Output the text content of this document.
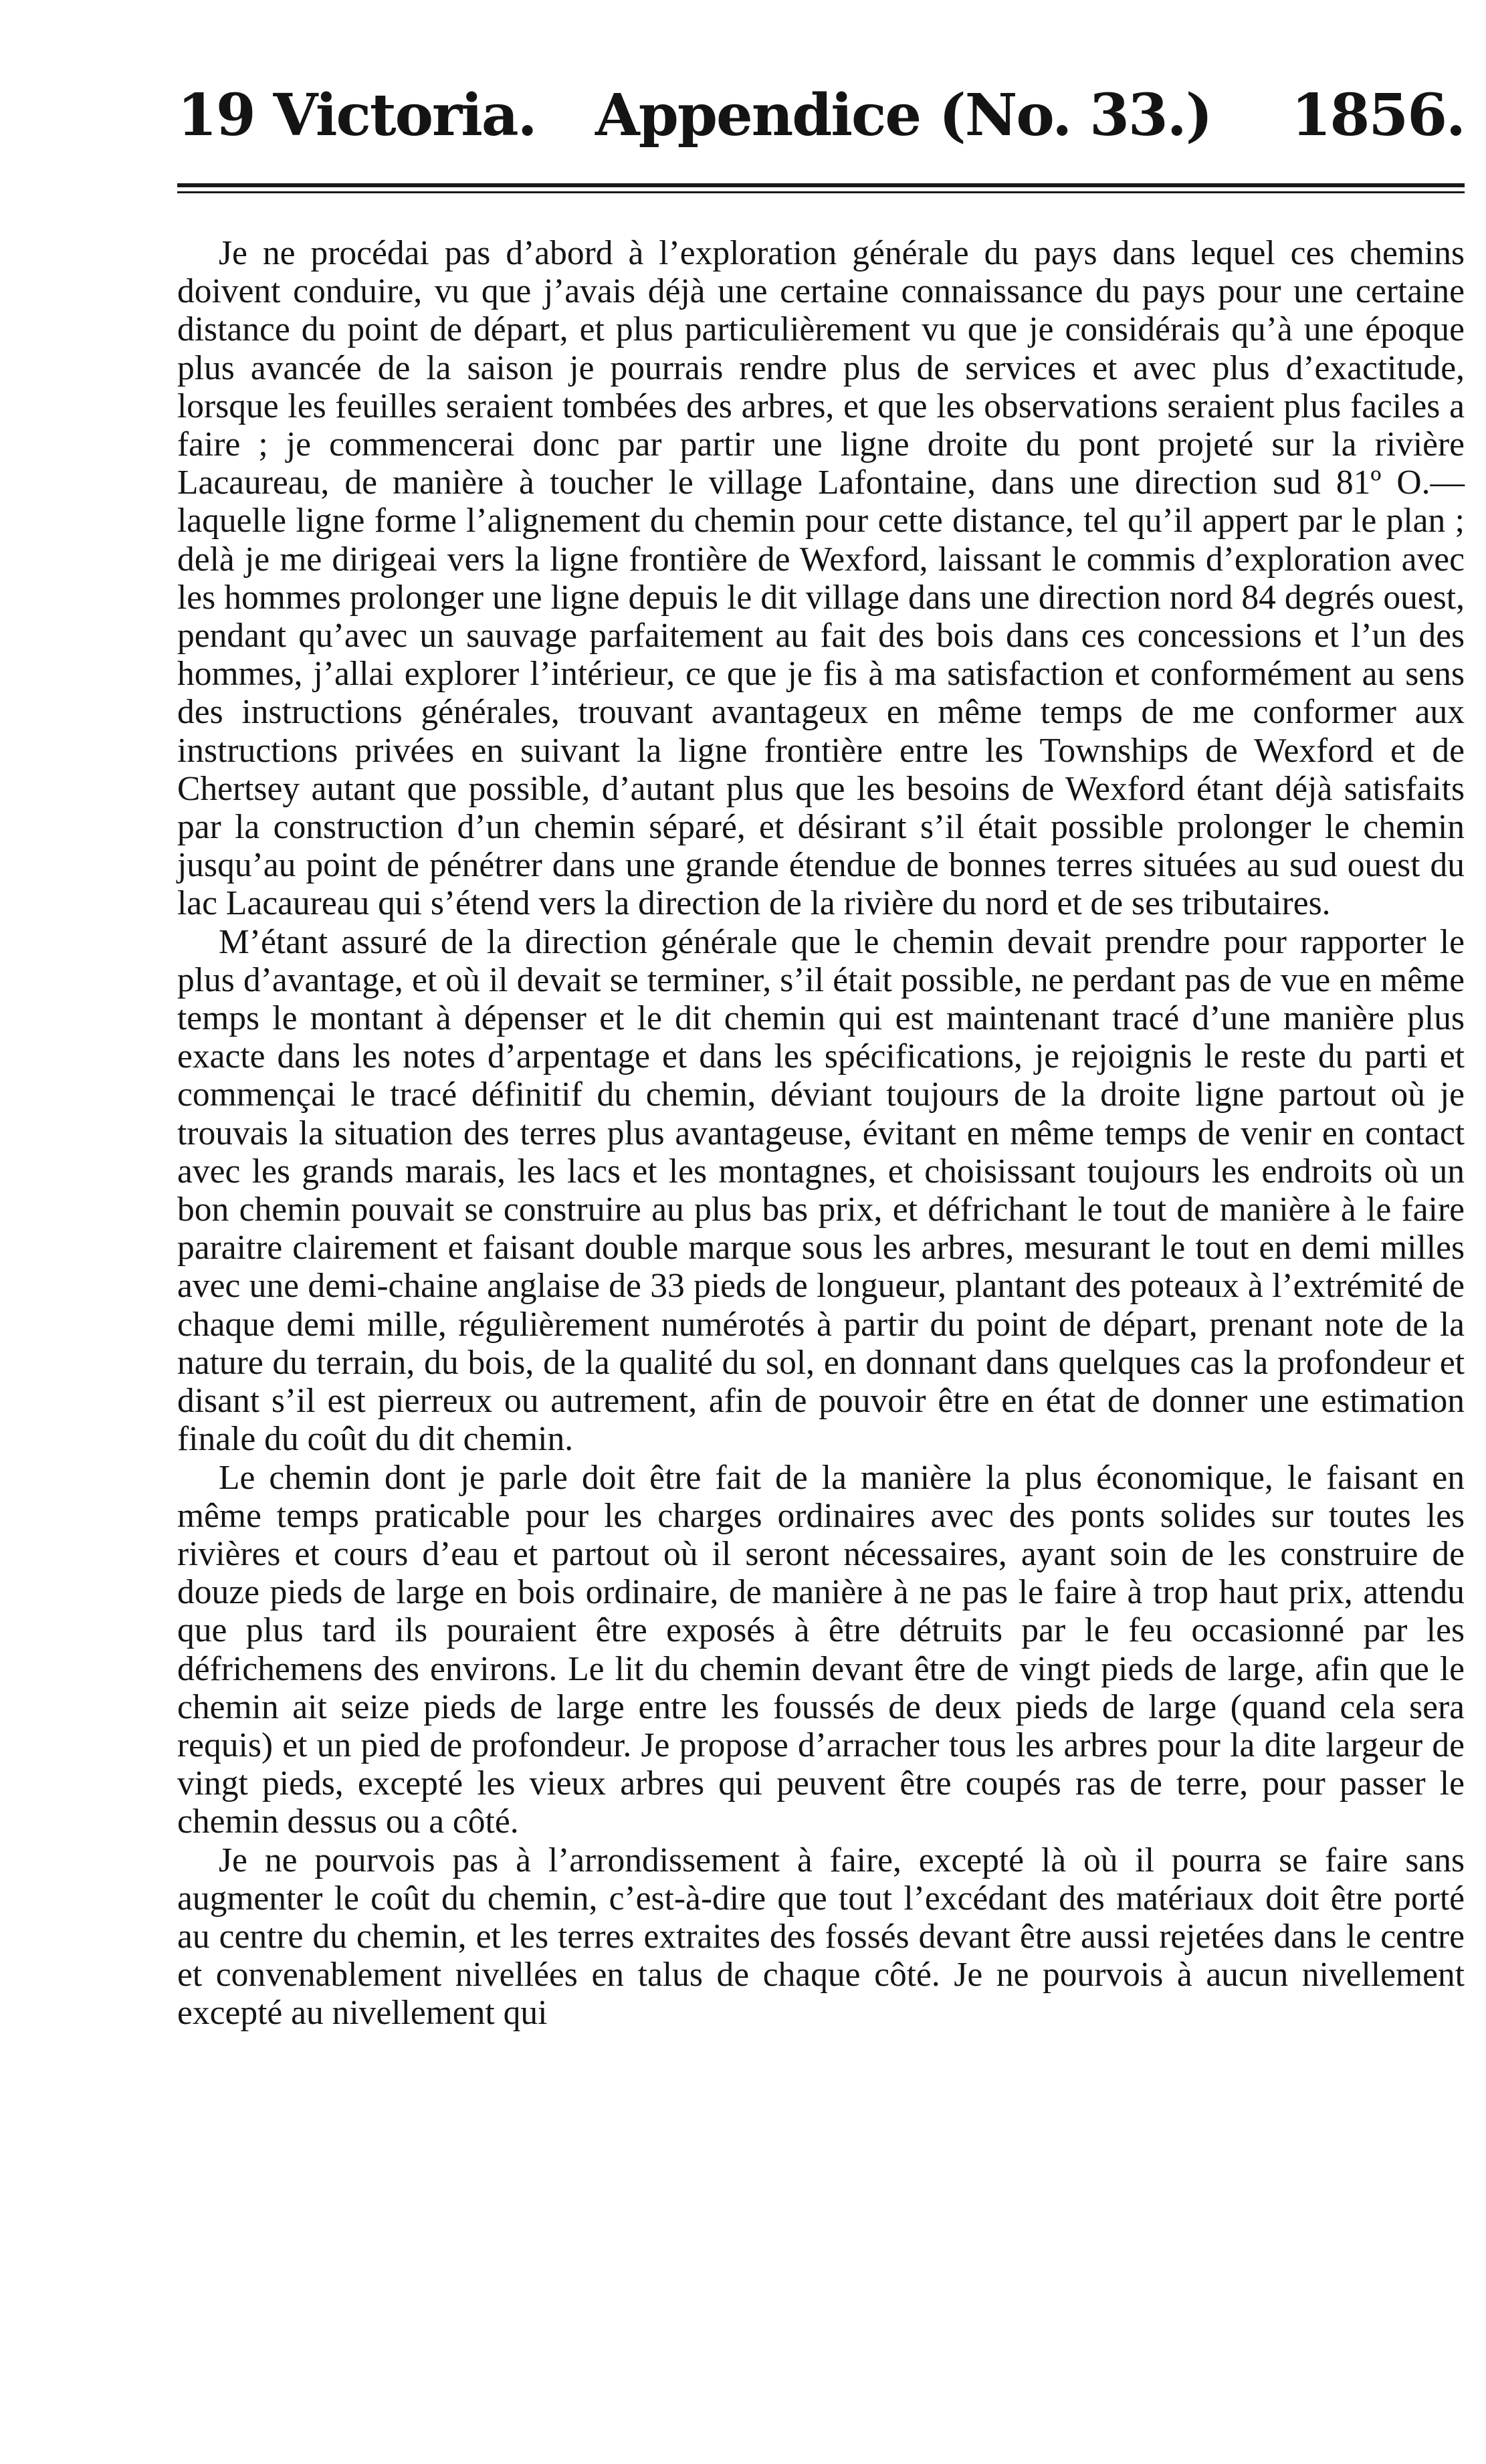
19 Victoria. Appendice (No. 33.) 1856.

Je ne procédai pas d’abord à l’exploration générale du pays dans lequel ces chemins doivent conduire, vu que j’avais déjà une certaine connaissance du pays pour une certaine distance du point de départ, et plus particulièrement vu que je considérais qu’à une époque plus avancée de la saison je pourrais rendre plus de services et avec plus d’exactitude, lorsque les feuilles seraient tombées des arbres, et que les observations seraient plus faciles a faire ; je commencerai donc par partir une ligne droite du pont projeté sur la rivière Lacaureau, de manière à toucher le village Lafontaine, dans une direction sud 81º O.—laquelle ligne forme l’alignement du chemin pour cette distance, tel qu’il appert par le plan ; delà je me dirigeai vers la ligne frontière de Wexford, laissant le commis d’exploration avec les hommes prolonger une ligne depuis le dit village dans une direction nord 84 degrés ouest, pendant qu’avec un sauvage parfaitement au fait des bois dans ces concessions et l’un des hommes, j’allai explorer l’intérieur, ce que je fis à ma satisfaction et conformément au sens des instructions générales, trouvant avantageux en même temps de me conformer aux instructions privées en suivant la ligne frontière entre les Townships de Wexford et de Chertsey autant que possible, d’autant plus que les besoins de Wexford étant déjà satisfaits par la construction d’un chemin séparé, et désirant s’il était possible prolonger le chemin jusqu’au point de pénétrer dans une grande étendue de bonnes terres situées au sud ouest du lac Lacaureau qui s’étend vers la direction de la rivière du nord et de ses tributaires.

M’étant assuré de la direction générale que le chemin devait prendre pour rapporter le plus d’avantage, et où il devait se terminer, s’il était possible, ne perdant pas de vue en même temps le montant à dépenser et le dit chemin qui est maintenant tracé d’une manière plus exacte dans les notes d’arpentage et dans les spécifications, je rejoignis le reste du parti et commençai le tracé définitif du chemin, déviant toujours de la droite ligne partout où je trouvais la situation des terres plus avantageuse, évitant en même temps de venir en contact avec les grands marais, les lacs et les montagnes, et choisissant toujours les endroits où un bon chemin pouvait se construire au plus bas prix, et défrichant le tout de manière à le faire paraitre clairement et faisant double marque sous les arbres, mesurant le tout en demi milles avec une demi-chaine anglaise de 33 pieds de longueur, plantant des poteaux à l’extrémité de chaque demi mille, régulièrement numérotés à partir du point de départ, prenant note de la nature du terrain, du bois, de la qualité du sol, en donnant dans quelques cas la profondeur et disant s’il est pierreux ou autrement, afin de pouvoir être en état de donner une estimation finale du coût du dit chemin.

Le chemin dont je parle doit être fait de la manière la plus économique, le faisant en même temps praticable pour les charges ordinaires avec des ponts solides sur toutes les rivières et cours d’eau et partout où il seront nécessaires, ayant soin de les construire de douze pieds de large en bois ordinaire, de manière à ne pas le faire à trop haut prix, attendu que plus tard ils pouraient être exposés à être détruits par le feu occasionné par les défrichemens des environs. Le lit du chemin devant être de vingt pieds de large, afin que le chemin ait seize pieds de large entre les foussés de deux pieds de large (quand cela sera requis) et un pied de profondeur. Je propose d’arracher tous les arbres pour la dite largeur de vingt pieds, excepté les vieux arbres qui peuvent être coupés ras de terre, pour passer le chemin dessus ou a côté.

Je ne pourvois pas à l’arrondissement à faire, excepté là où il pourra se faire sans augmenter le coût du chemin, c’est-à-dire que tout l’excédant des matériaux doit être porté au centre du chemin, et les terres extraites des fossés devant être aussi rejetées dans le centre et convenablement nivellées en talus de chaque côté. Je ne pourvois à aucun nivellement excepté au nivellement qui
